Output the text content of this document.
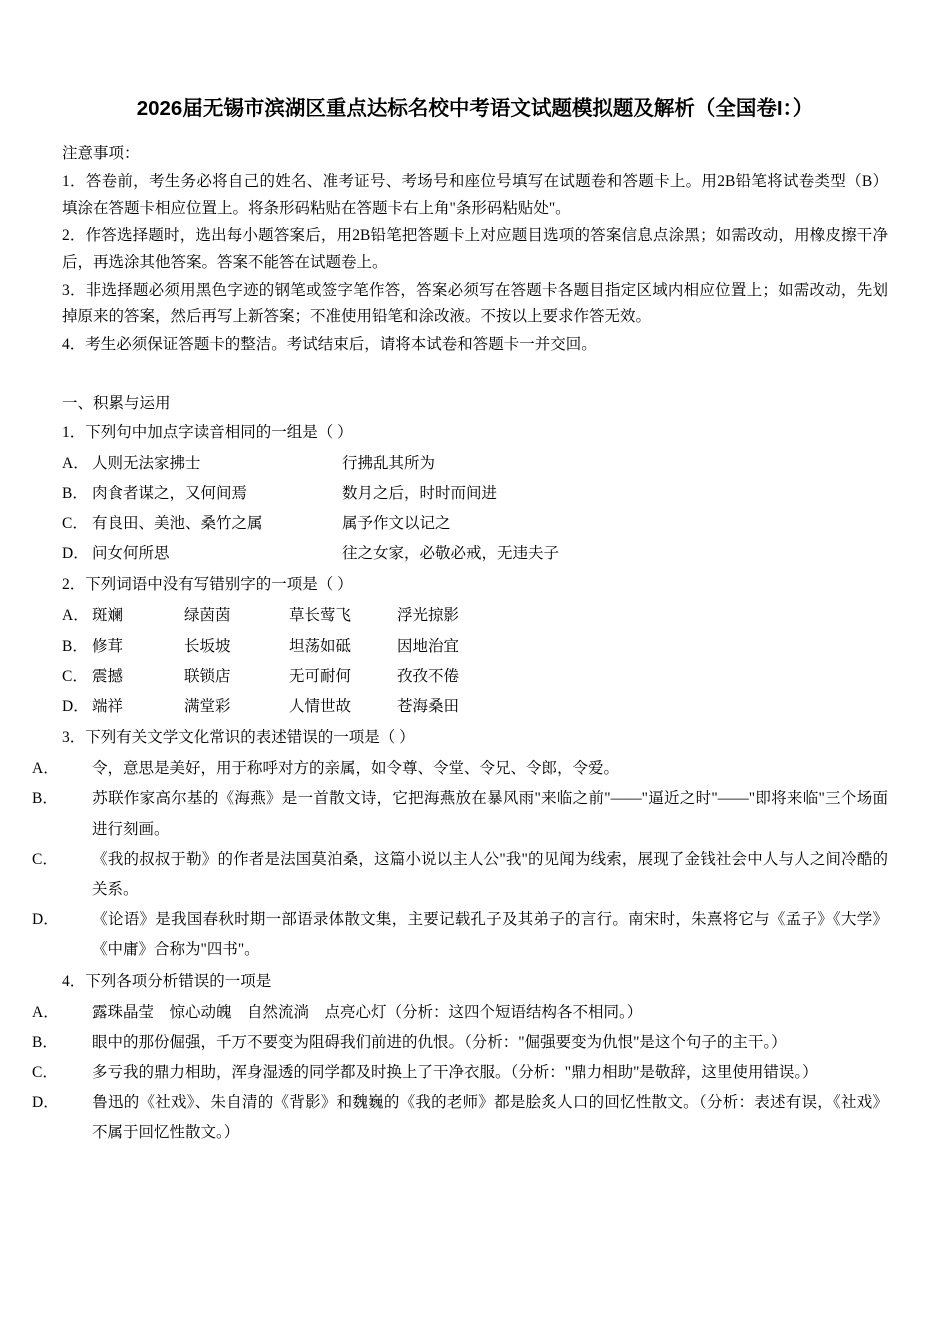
2026届无锡市滨湖区重点达标名校中考语文试题模拟题及解析（全国卷I：）
注意事项：

1．答卷前，考生务必将自己的姓名、准考证号、考场号和座位号填写在试题卷和答题卡上。用2B铅笔将试卷类型（B）填涂在答题卡相应位置上。将条形码粘贴在答题卡右上角"条形码粘贴处"。

2．作答选择题时，选出每小题答案后，用2B铅笔把答题卡上对应题目选项的答案信息点涂黑；如需改动，用橡皮擦干净后，再选涂其他答案。答案不能答在试题卷上。

3．非选择题必须用黑色字迹的钢笔或签字笔作答，答案必须写在答题卡各题目指定区域内相应位置上；如需改动，先划掉原来的答案，然后再写上新答案；不准使用铅笔和涂改液。不按以上要求作答无效。

4．考生必须保证答题卡的整洁。考试结束后，请将本试卷和答题卡一并交回。

一、积累与运用
1．下列句中加点字读音相同的一组是（ ）
A． 人则无法家拂士	行拂乱其所为
B． 肉食者谋之，又何间焉	数月之后，时时而间进
C． 有良田、美池、桑竹之属	属予作文以记之
D． 问女何所思	往之女家，必敬必戒，无违夫子
2．下列词语中没有写错别字的一项是（ ）
A． 斑斓	绿茵茵	草长莺飞	浮光掠影
B． 修茸	长坂坡	坦荡如砥	因地治宜
C． 震撼	联锁店	无可耐何	孜孜不倦
D． 端祥	满堂彩	人情世故	苍海桑田
3．下列有关文学文化常识的表述错误的一项是（ ）

A． 令，意思是美好，用于称呼对方的亲属，如令尊、令堂、令兄、令郎，令爱。

B． 苏联作家高尔基的《海燕》是一首散文诗，它把海燕放在暴风雨"来临之前"——"逼近之时"——"即将来临"三个场面进行刻画。

C． 《我的叔叔于勒》的作者是法国莫泊桑，这篇小说以主人公"我"的见闻为线索，展现了金钱社会中人与人之间冷酷的关系。

D． 《论语》是我国春秋时期一部语录体散文集，主要记载孔子及其弟子的言行。南宋时，朱熹将它与《孟子》《大学》《中庸》合称为"四书"。

4．下列各项分析错误的一项是

A． 露珠晶莹　惊心动魄　自然流淌　点亮心灯（分析：这四个短语结构各不相同。）

B． 眼中的那份倔强，千万不要变为阻碍我们前进的仇恨。（分析："倔强要变为仇恨"是这个句子的主干。）

C． 多亏我的鼎力相助，浑身湿透的同学都及时换上了干净衣服。（分析："鼎力相助"是敬辞，这里使用错误。）

D． 鲁迅的《社戏》、朱自清的《背影》和魏巍的《我的老师》都是脍炙人口的回忆性散文。（分析：表述有误，《社戏》不属于回忆性散文。）
